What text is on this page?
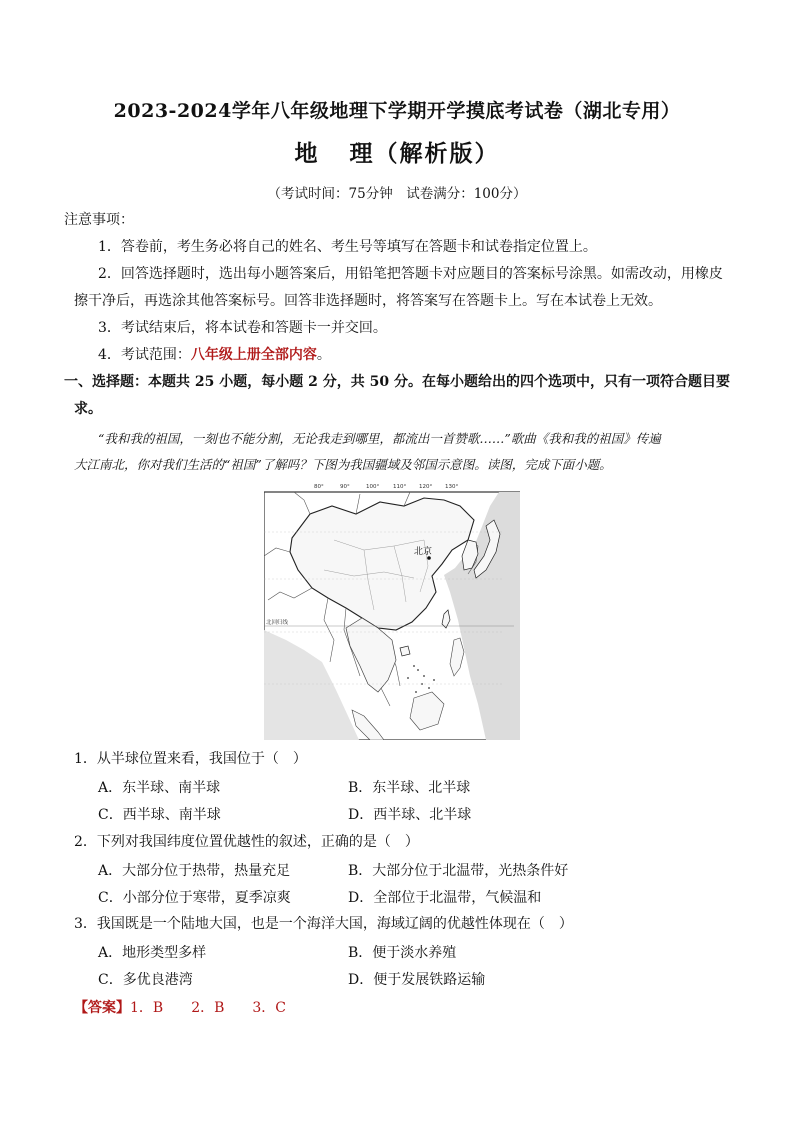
2023-2024学年八年级地理下学期开学摸底考试卷（湖北专用）
地 理（解析版）
（考试时间：75分钟　试卷满分：100分）
注意事项：
1．答卷前，考生务必将自己的姓名、考生号等填写在答题卡和试卷指定位置上。
2．回答选择题时，选出每小题答案后，用铅笔把答题卡对应题目的答案标号涂黑。如需改动，用橡皮
擦干净后，再选涂其他答案标号。回答非选择题时，将答案写在答题卡上。写在本试卷上无效。
3．考试结束后，将本试卷和答题卡一并交回。
4．考试范围：八年级上册全部内容。
一、选择题：本题共 25 小题，每小题 2 分，共 50 分。在每小题给出的四个选项中，只有一项符合题目要
求。
“我和我的祖国，一刻也不能分割，无论我走到哪里，都流出一首赞歌……”歌曲《我和我的祖国》传遍
大江南北，你对我们生活的“祖国”了解吗？下图为我国疆域及邻国示意图。读图，完成下面小题。
80°	90°	100°	110° 120° 130°
北回归线
北京
1．从半球位置来看，我国位于（　）
A．东半球、南半球	B．东半球、北半球
C．西半球、南半球	D．西半球、北半球
2．下列对我国纬度位置优越性的叙述，正确的是（　）
A．大部分位于热带，热量充足	B．大部分位于北温带，光热条件好
C．小部分位于寒带，夏季凉爽	D．全部位于北温带，气候温和
3．我国既是一个陆地大国，也是一个海洋大国，海域辽阔的优越性体现在（　）
A．地形类型多样	B．便于淡水养殖
C．多优良港湾	D．便于发展铁路运输
【答案】1．B　　2．B　　3．C
